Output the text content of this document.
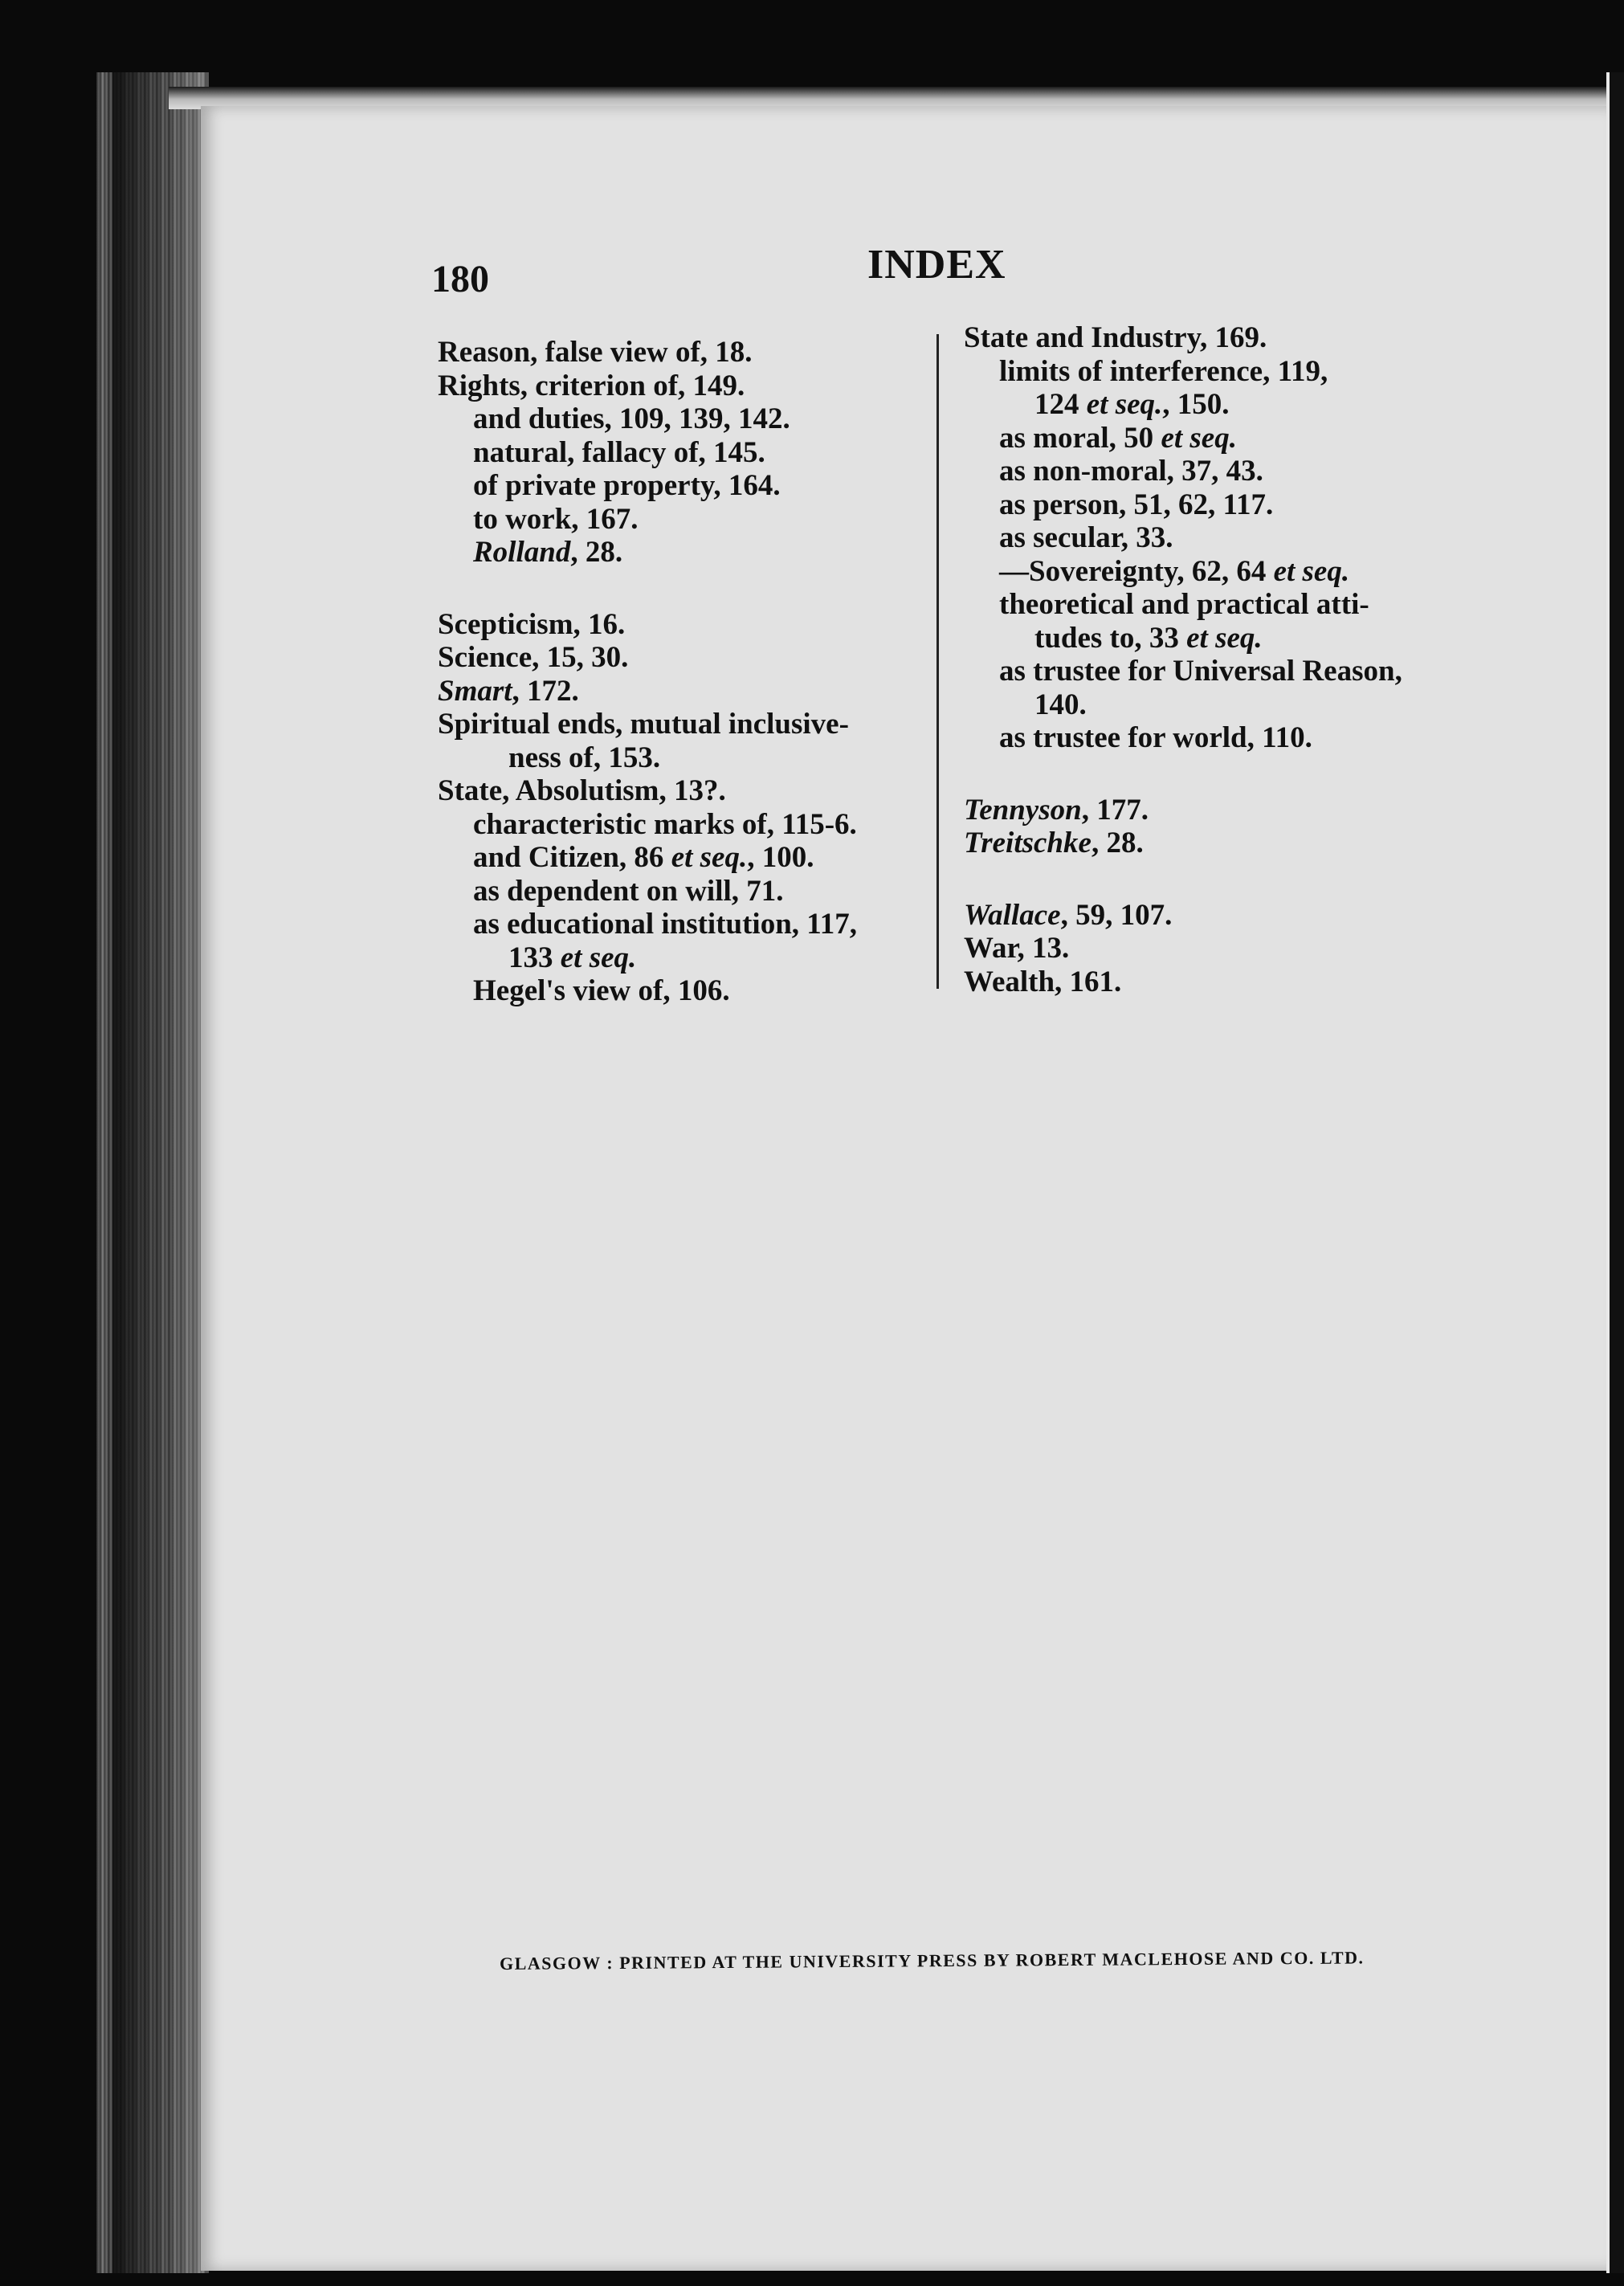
180	INDEX
Reason, false view of, 18.
Rights, criterion of, 149.
and duties, 109, 139, 142.
natural, fallacy of, 145.
of private property, 164.
to work, 167.
Rolland, 28.
Scepticism, 16.
Science, 15, 30.
Smart, 172.
Spiritual ends, mutual inclusive-
ness of, 153.
State, Absolutism, 13?.
characteristic marks of, 115-6.
and Citizen, 86 et seq., 100.
as dependent on will, 71.
as educational institution, 117,
133 et seq.
Hegel's view of, 106.
State and Industry, 169.
limits of interference, 119,
124 et seq., 150.
as moral, 50 et seq.
as non-moral, 37, 43.
as person, 51, 62, 117.
as secular, 33.
—Sovereignty, 62, 64 et seq.
theoretical and practical atti-
tudes to, 33 et seq.
as trustee for Universal Reason,
140.
as trustee for world, 110.
Tennyson, 177.
Treitschke, 28.
Wallace, 59, 107.
War, 13.
Wealth, 161.
GLASGOW : PRINTED AT THE UNIVERSITY PRESS BY ROBERT MACLEHOSE AND CO. LTD.
